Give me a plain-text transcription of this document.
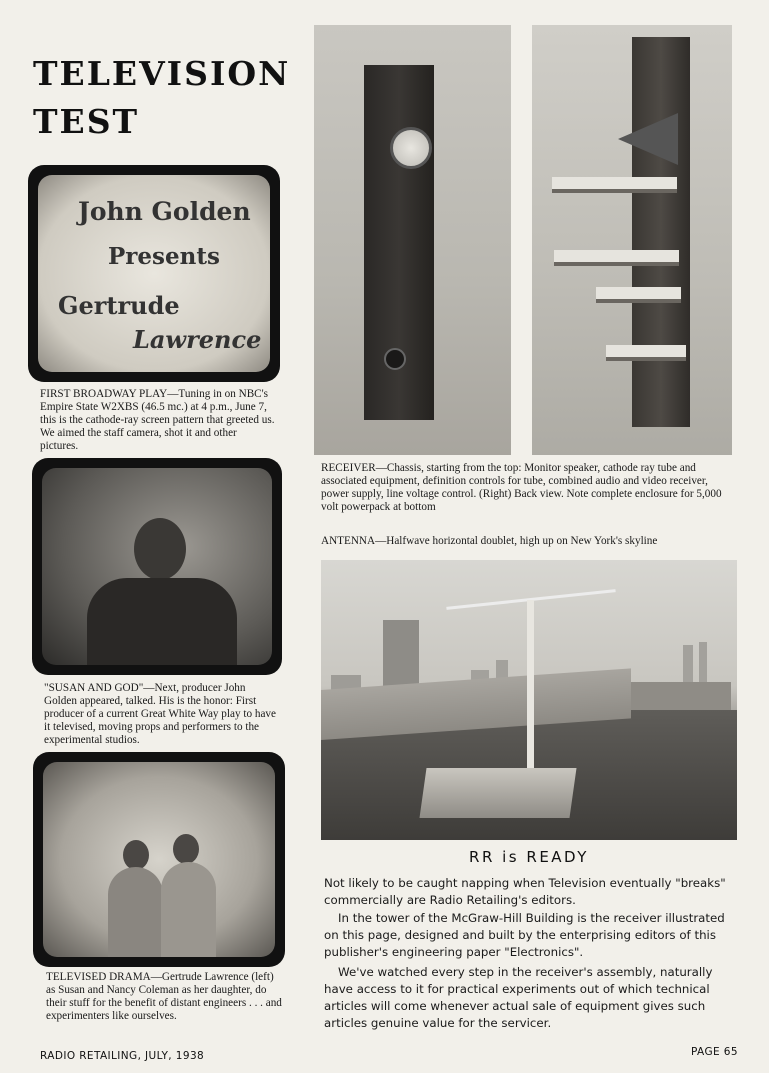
TELEVISION
TEST
John Golden
Presents
Gertrude
Lawrence
FIRST BROADWAY PLAY—Tuning in on NBC's Empire State W2XBS (46.5 mc.) at 4 p.m., June 7, this is the cathode-ray screen pattern that greeted us. We aimed the staff camera, shot it and other pictures.
"SUSAN AND GOD"—Next, producer John Golden appeared, talked. His is the honor: First producer of a current Great White Way play to have it televised, moving props and performers to the experimental studios.
TELEVISED DRAMA—Gertrude Lawrence (left) as Susan and Nancy Coleman as her daughter, do their stuff for the benefit of distant engineers . . . and experimenters like ourselves.
RECEIVER—Chassis, starting from the top: Monitor speaker, cathode ray tube and associated equipment, definition controls for tube, combined audio and video receiver, power supply, line voltage control. (Right) Back view. Note complete enclosure for 5,000 volt powerpack at bottom
ANTENNA—Halfwave horizontal doublet, high up on New York's skyline
RR is READY
Not likely to be caught napping when Television eventually "breaks" commercially are Radio Retailing's editors.
In the tower of the McGraw-Hill Building is the receiver illustrated on this page, designed and built by the enterprising editors of this publisher's engineering paper "Electronics".
We've watched every step in the receiver's assembly, naturally have access to it for practical experiments out of which technical articles will come whenever actual sale of equipment gives such articles genuine value for the servicer.
RADIO RETAILING, JULY, 1938	PAGE 65
